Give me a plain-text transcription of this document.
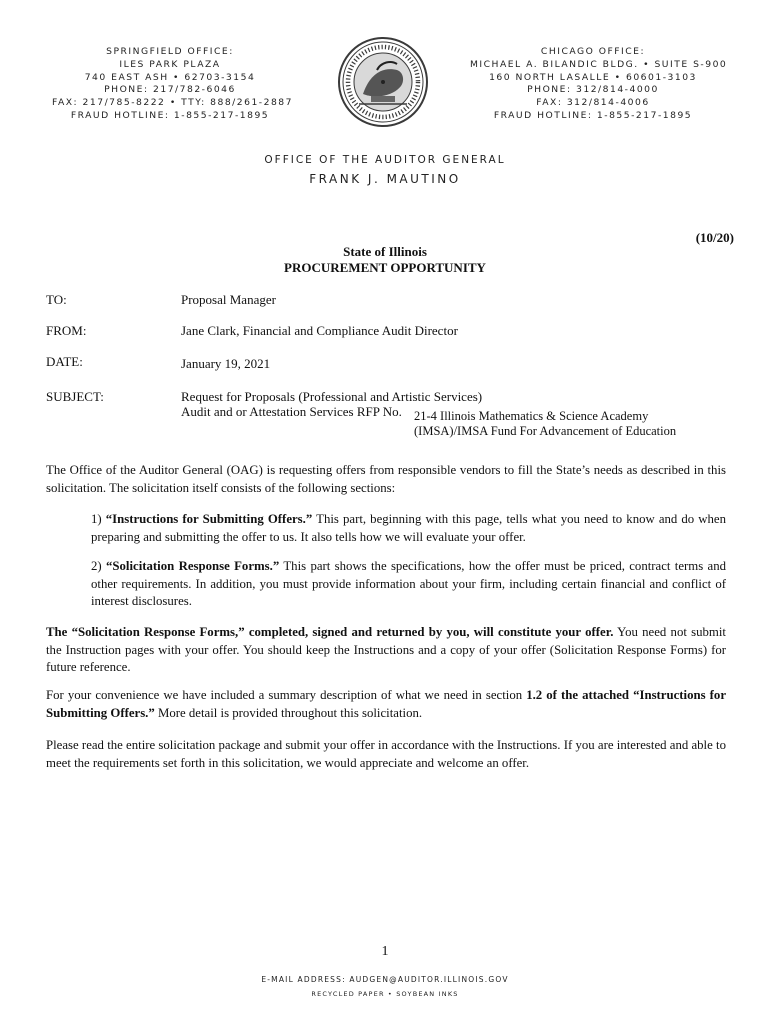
SPRINGFIELD OFFICE:
ILES PARK PLAZA
740 EAST ASH • 62703-3154
PHONE: 217/782-6046
FAX: 217/785-8222 • TTY: 888/261-2887
FRAUD HOTLINE: 1-855-217-1895
CHICAGO OFFICE:
MICHAEL A. BILANDIC BLDG. • SUITE S-900
160 NORTH LASALLE • 60601-3103
PHONE: 312/814-4000
FAX: 312/814-4006
FRAUD HOTLINE: 1-855-217-1895
OFFICE OF THE AUDITOR GENERAL
FRANK J. MAUTINO
(10/20)
State of Illinois
PROCUREMENT OPPORTUNITY
TO:	Proposal Manager
FROM:	Jane Clark, Financial and Compliance Audit Director
DATE:	January 19, 2021
SUBJECT:	Request for Proposals (Professional and Artistic Services)
Audit and or Attestation Services RFP No. 21-4 Illinois Mathematics & Science Academy
(IMSA)/IMSA Fund For Advancement of Education
The Office of the Auditor General (OAG) is requesting offers from responsible vendors to fill the State’s needs as described in this solicitation. The solicitation itself consists of the following sections:
1) “Instructions for Submitting Offers.” This part, beginning with this page, tells what you need to know and do when preparing and submitting the offer to us. It also tells how we will evaluate your offer.
2) “Solicitation Response Forms.” This part shows the specifications, how the offer must be priced, contract terms and other requirements. In addition, you must provide information about your firm, including certain financial and conflict of interest disclosures.
The “Solicitation Response Forms,” completed, signed and returned by you, will constitute your offer. You need not submit the Instruction pages with your offer. You should keep the Instructions and a copy of your offer (Solicitation Response Forms) for future reference.
For your convenience we have included a summary description of what we need in section 1.2 of the attached “Instructions for Submitting Offers.” More detail is provided throughout this solicitation.
Please read the entire solicitation package and submit your offer in accordance with the Instructions. If you are interested and able to meet the requirements set forth in this solicitation, we would appreciate and welcome an offer.
1
E-MAIL ADDRESS: AUDGEN@AUDITOR.ILLINOIS.GOV
RECYCLED PAPER • SOYBEAN INKS
